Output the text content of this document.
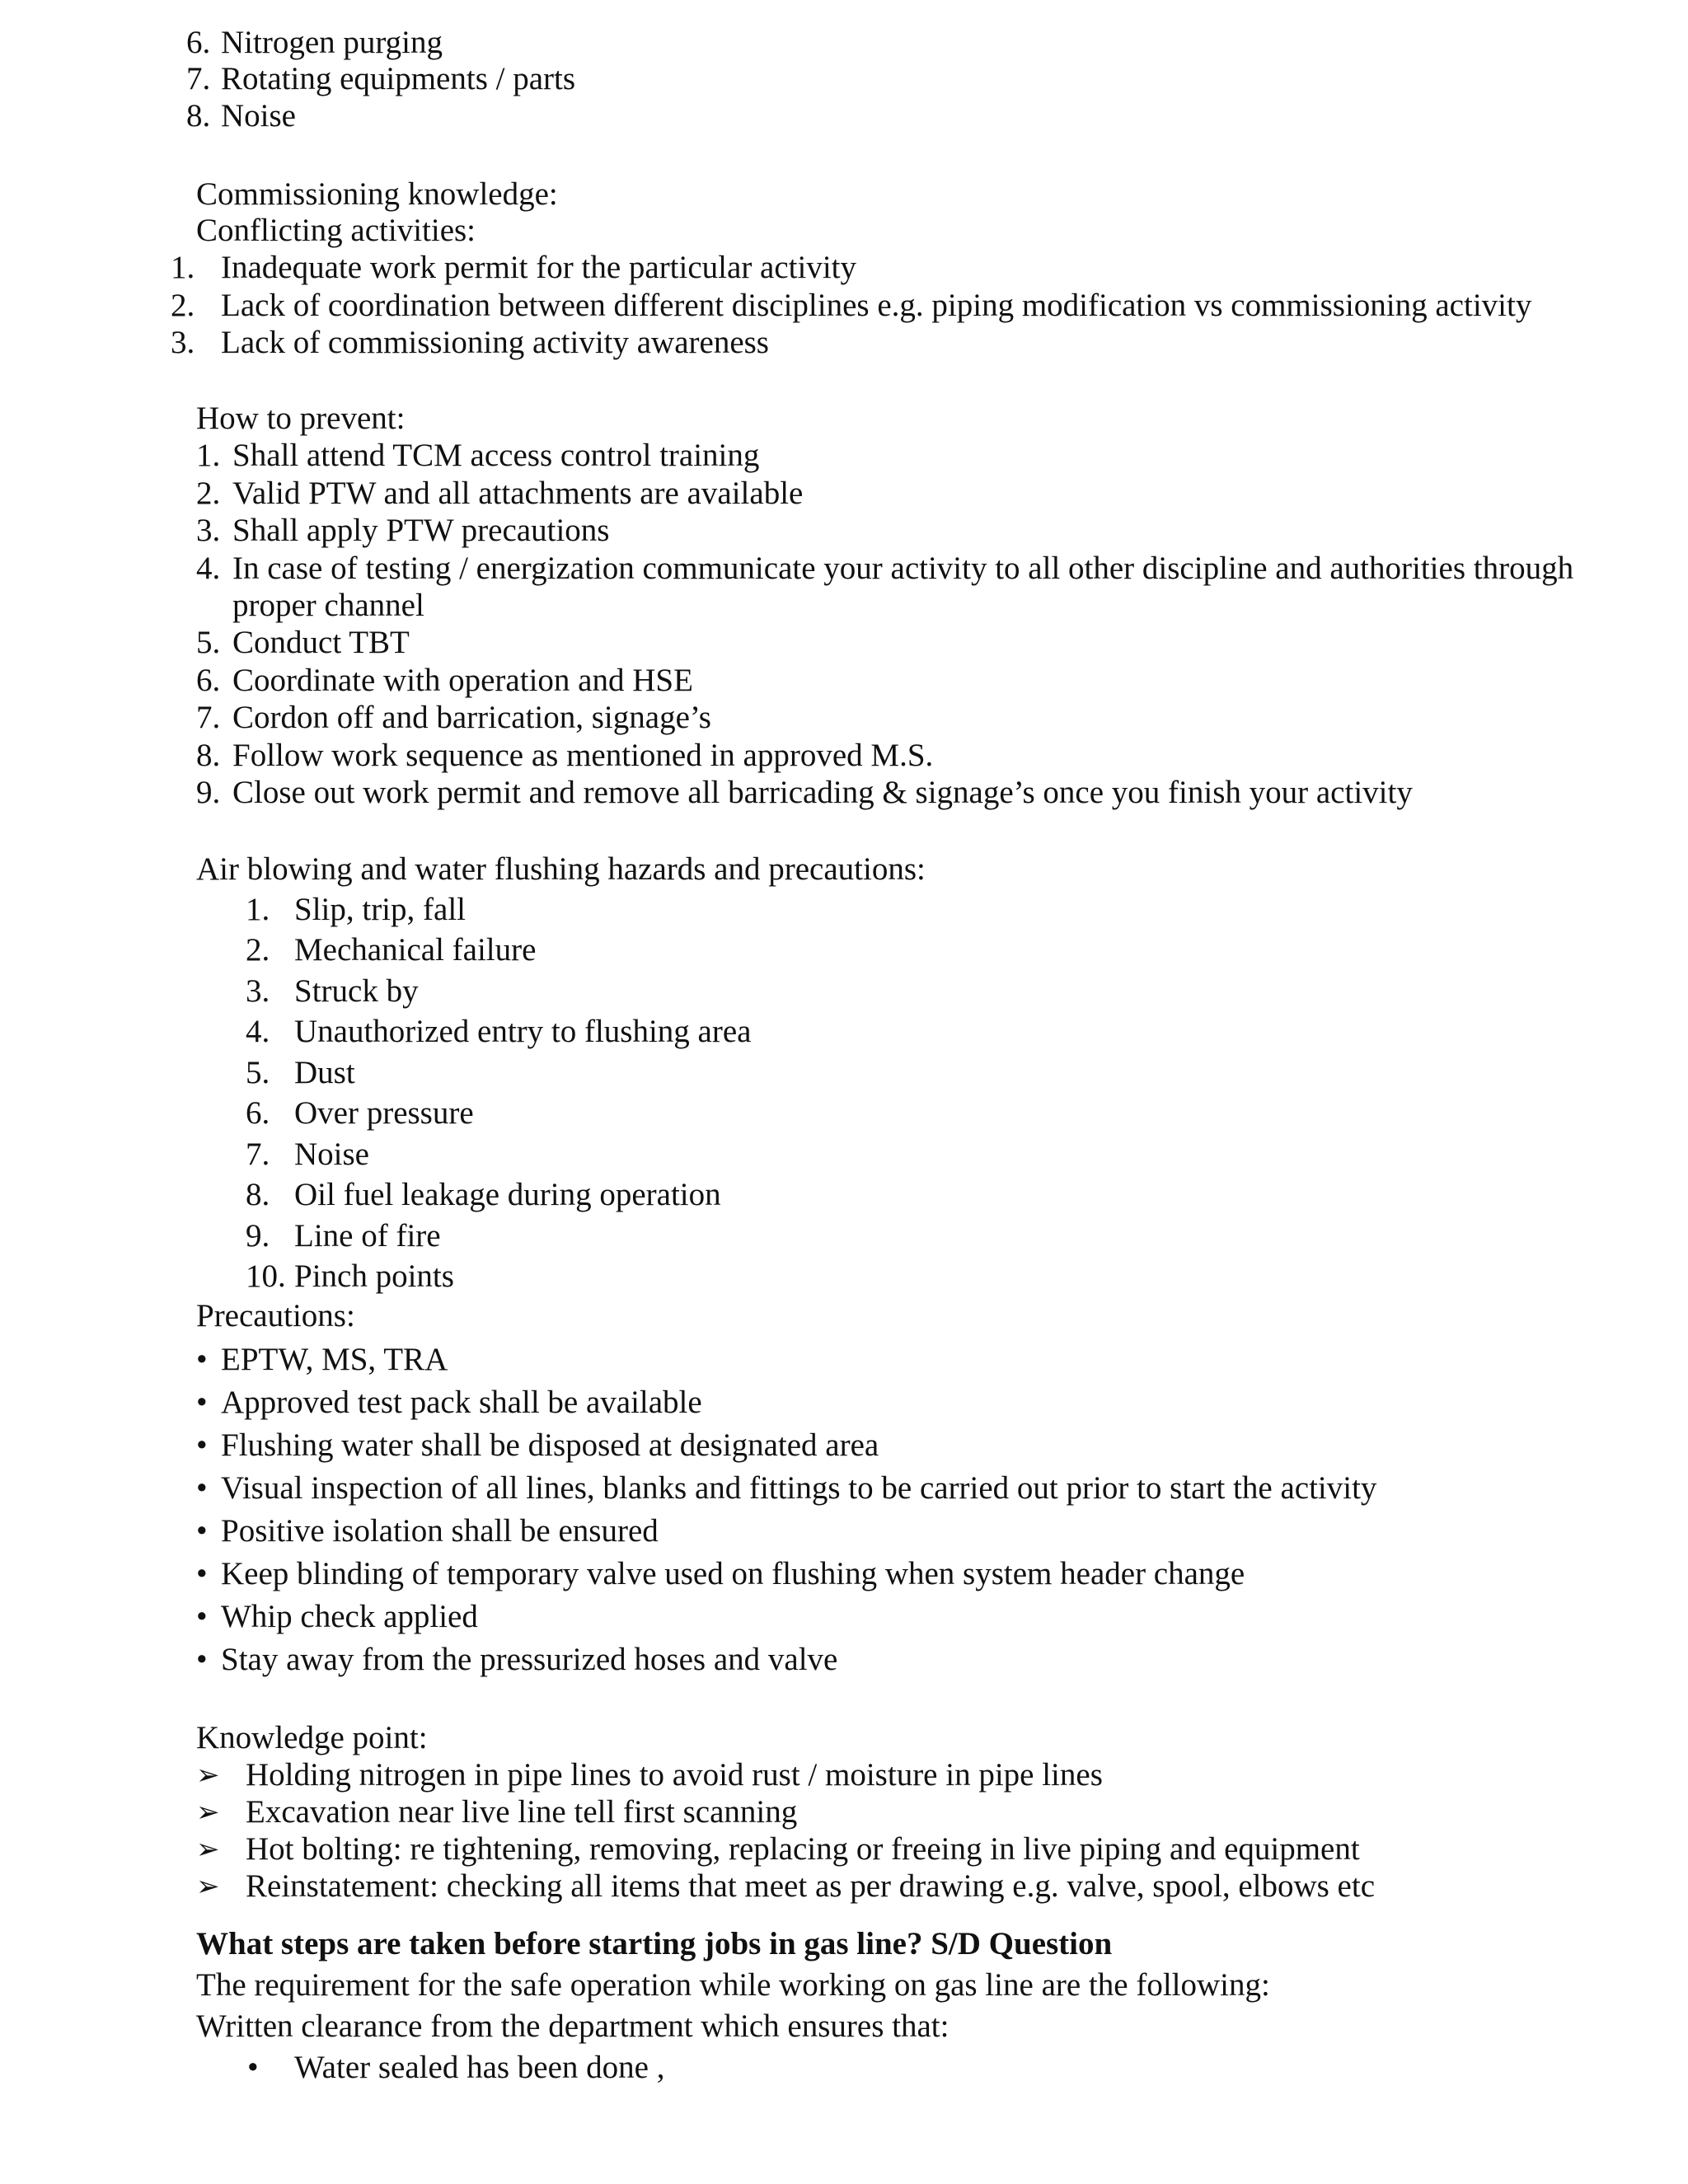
6. Nitrogen purging
7. Rotating equipments / parts
8. Noise
Commissioning knowledge:
Conflicting activities:
1. Inadequate work permit for the particular activity
2. Lack of coordination between different disciplines e.g. piping modification vs commissioning activity
3. Lack of commissioning activity awareness
How to prevent:
1. Shall attend TCM access control training
2. Valid PTW and all attachments are available
3. Shall apply PTW precautions
4. In case of testing / energization communicate your activity to all other discipline and authorities through
proper channel
5. Conduct TBT
6. Coordinate with operation and HSE
7. Cordon off and barrication, signage’s
8. Follow work sequence as mentioned in approved M.S.
9. Close out work permit and remove all barricading & signage’s once you finish your activity
Air blowing and water flushing hazards and precautions:
1. Slip, trip, fall
2. Mechanical failure
3. Struck by
4. Unauthorized entry to flushing area
5. Dust
6. Over pressure
7. Noise
8. Oil fuel leakage during operation
9. Line of fire
10. Pinch points
Precautions:
• EPTW, MS, TRA
• Approved test pack shall be available
• Flushing water shall be disposed at designated area
• Visual inspection of all lines, blanks and fittings to be carried out prior to start the activity
• Positive isolation shall be ensured
• Keep blinding of temporary valve used on flushing when system header change
• Whip check applied
• Stay away from the pressurized hoses and valve
Knowledge point:
➢ Holding nitrogen in pipe lines to avoid rust / moisture in pipe lines
➢ Excavation near live line tell first scanning
➢ Hot bolting: re tightening, removing, replacing or freeing in live piping and equipment
➢ Reinstatement: checking all items that meet as per drawing e.g. valve, spool, elbows etc
What steps are taken before starting jobs in gas line? S/D Question
The requirement for the safe operation while working on gas line are the following:
Written clearance from the department which ensures that:
• Water sealed has been done ,
